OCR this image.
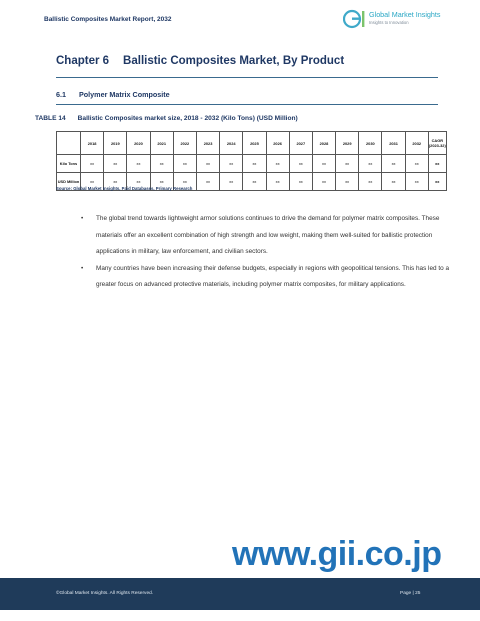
Ballistic Composites Market Report, 2032
Global Market Insights
Insights to Innovation
Chapter 6 Ballistic Composites Market, By Product
6.1 Polymer Matrix Composite
TABLE 14 Ballistic Composites market size, 2018 - 2032 (Kilo Tons) (USD Million)
	2018	2019	2020	2021	2022	2023	2024	2025	2026	2027	2028	2029	2030	2031	2032	CAGR (2023-32)
Kilo Tons	xx	xx	xx	xx	xx	xx	xx	xx	xx	xx	xx	xx	xx	xx	xx	xx
USD Million	xx	xx	xx	xx	xx	xx	xx	xx	xx	xx	xx	xx	xx	xx	xx	xx
Source: Global Market Insights, Paid Databases, Primary Research
• The global trend towards lightweight armor solutions continues to drive the demand for polymer matrix composites. These materials offer an excellent combination of high strength and low weight, making them well-suited for ballistic protection applications in military, law enforcement, and civilian sectors.
• Many countries have been increasing their defense budgets, especially in regions with geopolitical tensions. This has led to a greater focus on advanced protective materials, including polymer matrix composites, for military applications.
www.gii.co.jp
©Global Market Insights. All Rights Reserved.	Page | 25
